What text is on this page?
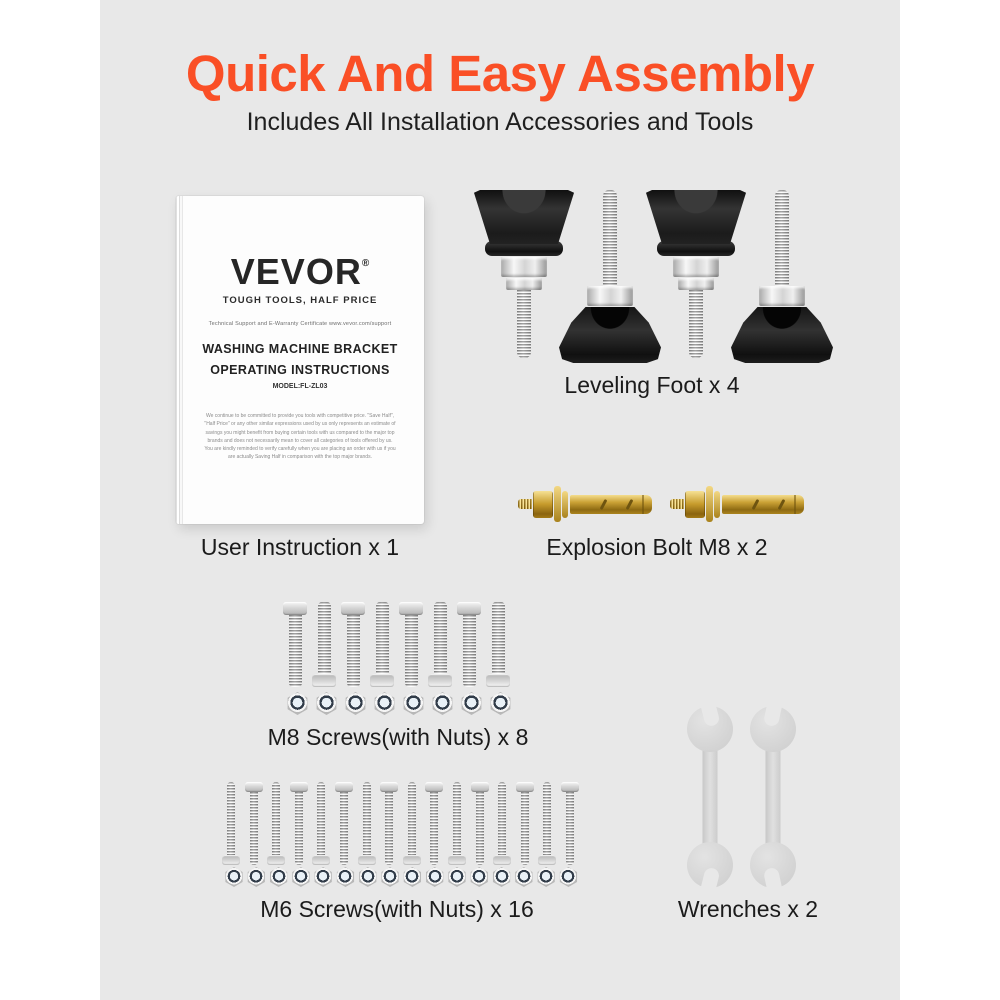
Quick And Easy Assembly

Includes All Installation Accessories and Tools

VEVOR®
TOUGH TOOLS, HALF PRICE
Technical Support and E-Warranty Certificate www.vevor.com/support
WASHING MACHINE BRACKET
OPERATING INSTRUCTIONS
MODEL:FL-ZL03
We continue to be committed to provide you tools with competitive price. "Save Half", "Half Price" or any other similar expressions used by us only represents an estimate of savings you might benefit from buying certain tools with us compared to the major top brands and does not necessarily mean to cover all categories of tools offered by us. You are kindly reminded to verify carefully when you are placing an order with us if you are actually Saving Half in comparison with the top major brands.
User Instruction x 1
Leveling Foot x 4
Explosion Bolt M8 x 2
M8 Screws(with Nuts) x 8
M6 Screws(with Nuts) x 16	Wrenches x 2
